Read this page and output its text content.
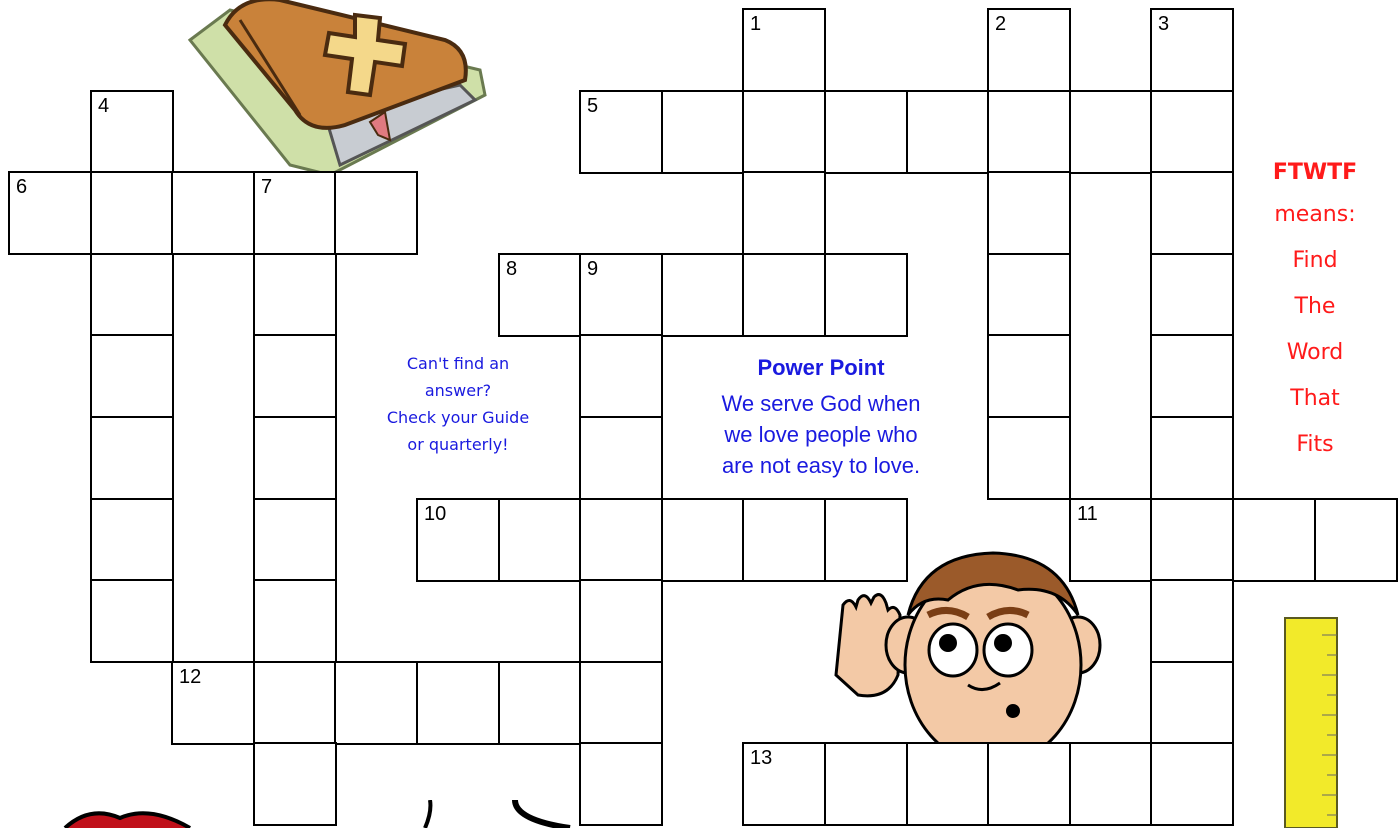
1	2	3
4	5
6	7
8	9
10	11
12
13
Can't find an
answer?
Check your Guide
or quarterly!
Power Point
We serve God when
we love people who
are not easy to love.
FTWTF
means:
Find
The
Word
That
Fits
